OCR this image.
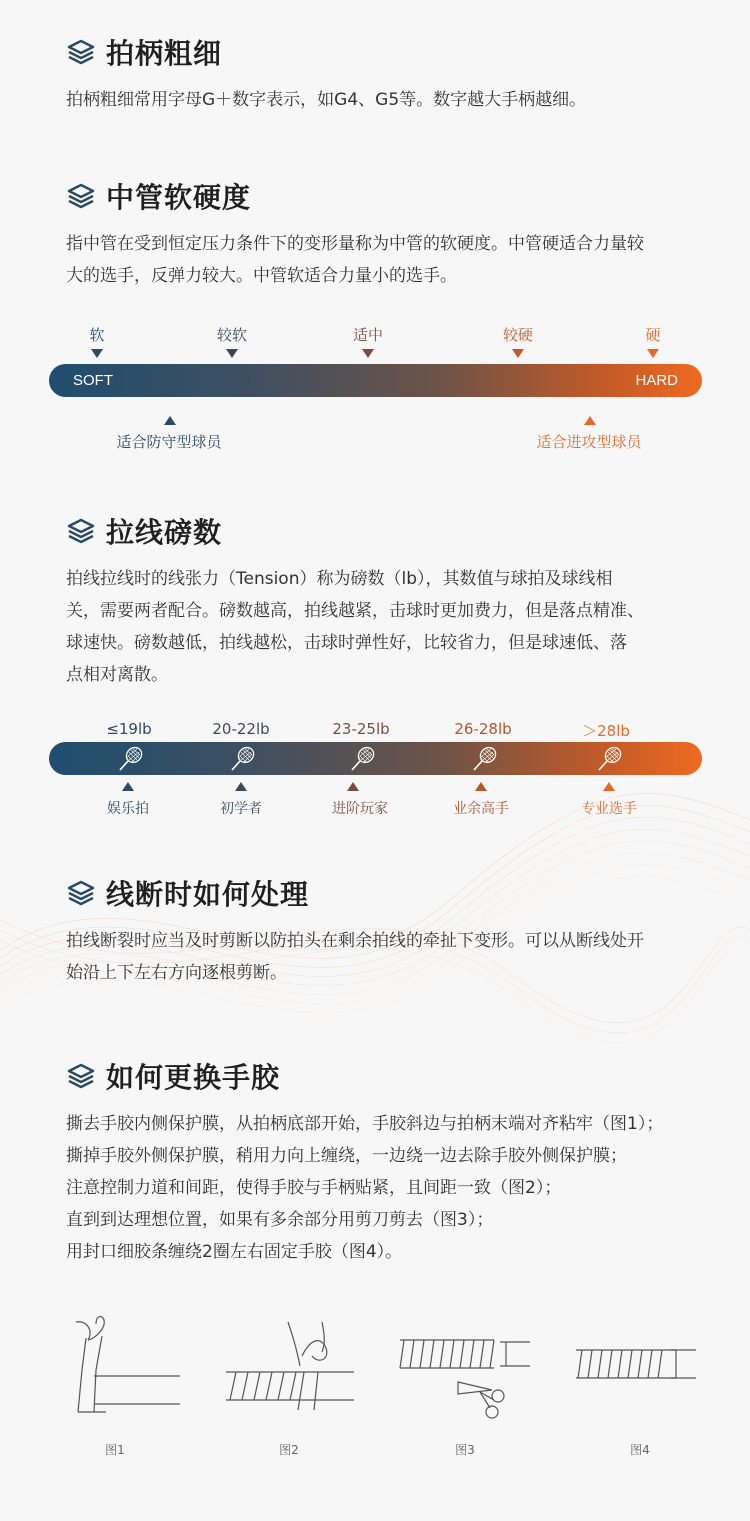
拍柄粗细

拍柄粗细常用字母G＋数字表示，如G4、G5等。数字越大手柄越细。

中管软硬度
指中管在受到恒定压力条件下的变形量称为中管的软硬度。中管硬适合力量较
大的选手，反弹力较大。中管软适合力量小的选手。
软	较软	适中	较硬	硬
SOFT	HARD
适合防守型球员	适合进攻型球员
拉线磅数
拍线拉线时的线张力（Tension）称为磅数（lb），其数值与球拍及球线相
关，需要两者配合。磅数越高，拍线越紧，击球时更加费力，但是落点精准、
球速快。磅数越低，拍线越松，击球时弹性好，比较省力，但是球速低、落
点相对离散。
≤19lb	20-22lb	23-25lb	26-28lb	＞28lb
娱乐拍	初学者	进阶玩家	业余高手	专业选手
线断时如何处理
拍线断裂时应当及时剪断以防拍头在剩余拍线的牵扯下变形。可以从断线处开
始沿上下左右方向逐根剪断。
如何更换手胶
撕去手胶内侧保护膜，从拍柄底部开始，手胶斜边与拍柄末端对齐粘牢（图1）；
撕掉手胶外侧保护膜，稍用力向上缠绕，一边绕一边去除手胶外侧保护膜；
注意控制力道和间距，使得手胶与手柄贴紧，且间距一致（图2）；
直到到达理想位置，如果有多余部分用剪刀剪去（图3）；
用封口细胶条缠绕2圈左右固定手胶（图4）。
图1	图2	图3	图4
